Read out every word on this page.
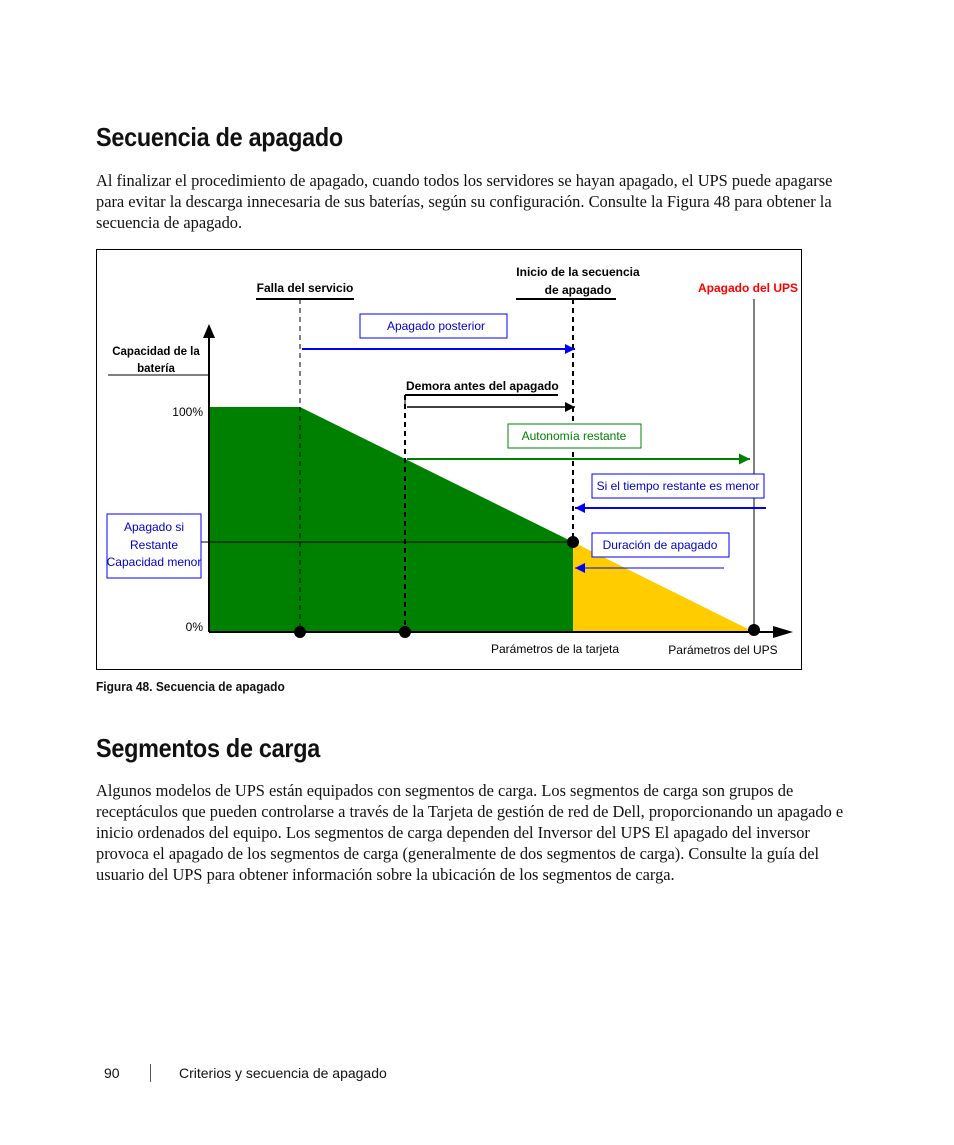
Secuencia de apagado

Al finalizar el procedimiento de apagado, cuando todos los servidores se hayan apagado, el UPS puede apagarse para evitar la descarga innecesaria de sus baterías, según su configuración. Consulte la Figura 48 para obtener la secuencia de apagado.

Falla del servicio
Inicio de la secuencia
de apagado	Apagado del UPS
Apagado posterior
Capacidad de la
batería
Demora antes del apagado
100%
Autonomía restante
Si el tiempo restante es menor
Apagado si
Restante
Capacidad menor
Duración de apagado
0%
Parámetros de la tarjeta	Parámetros del UPS

Figura 48. Secuencia de apagado

Segmentos de carga

Algunos modelos de UPS están equipados con segmentos de carga. Los segmentos de carga son grupos de receptáculos que pueden controlarse a través de la Tarjeta de gestión de red de Dell, proporcionando un apagado e inicio ordenados del equipo. Los segmentos de carga dependen del Inversor del UPS El apagado del inversor provoca el apagado de los segmentos de carga (generalmente de dos segmentos de carga). Consulte la guía del usuario del UPS para obtener información sobre la ubicación de los segmentos de carga.

90	Criterios y secuencia de apagado
